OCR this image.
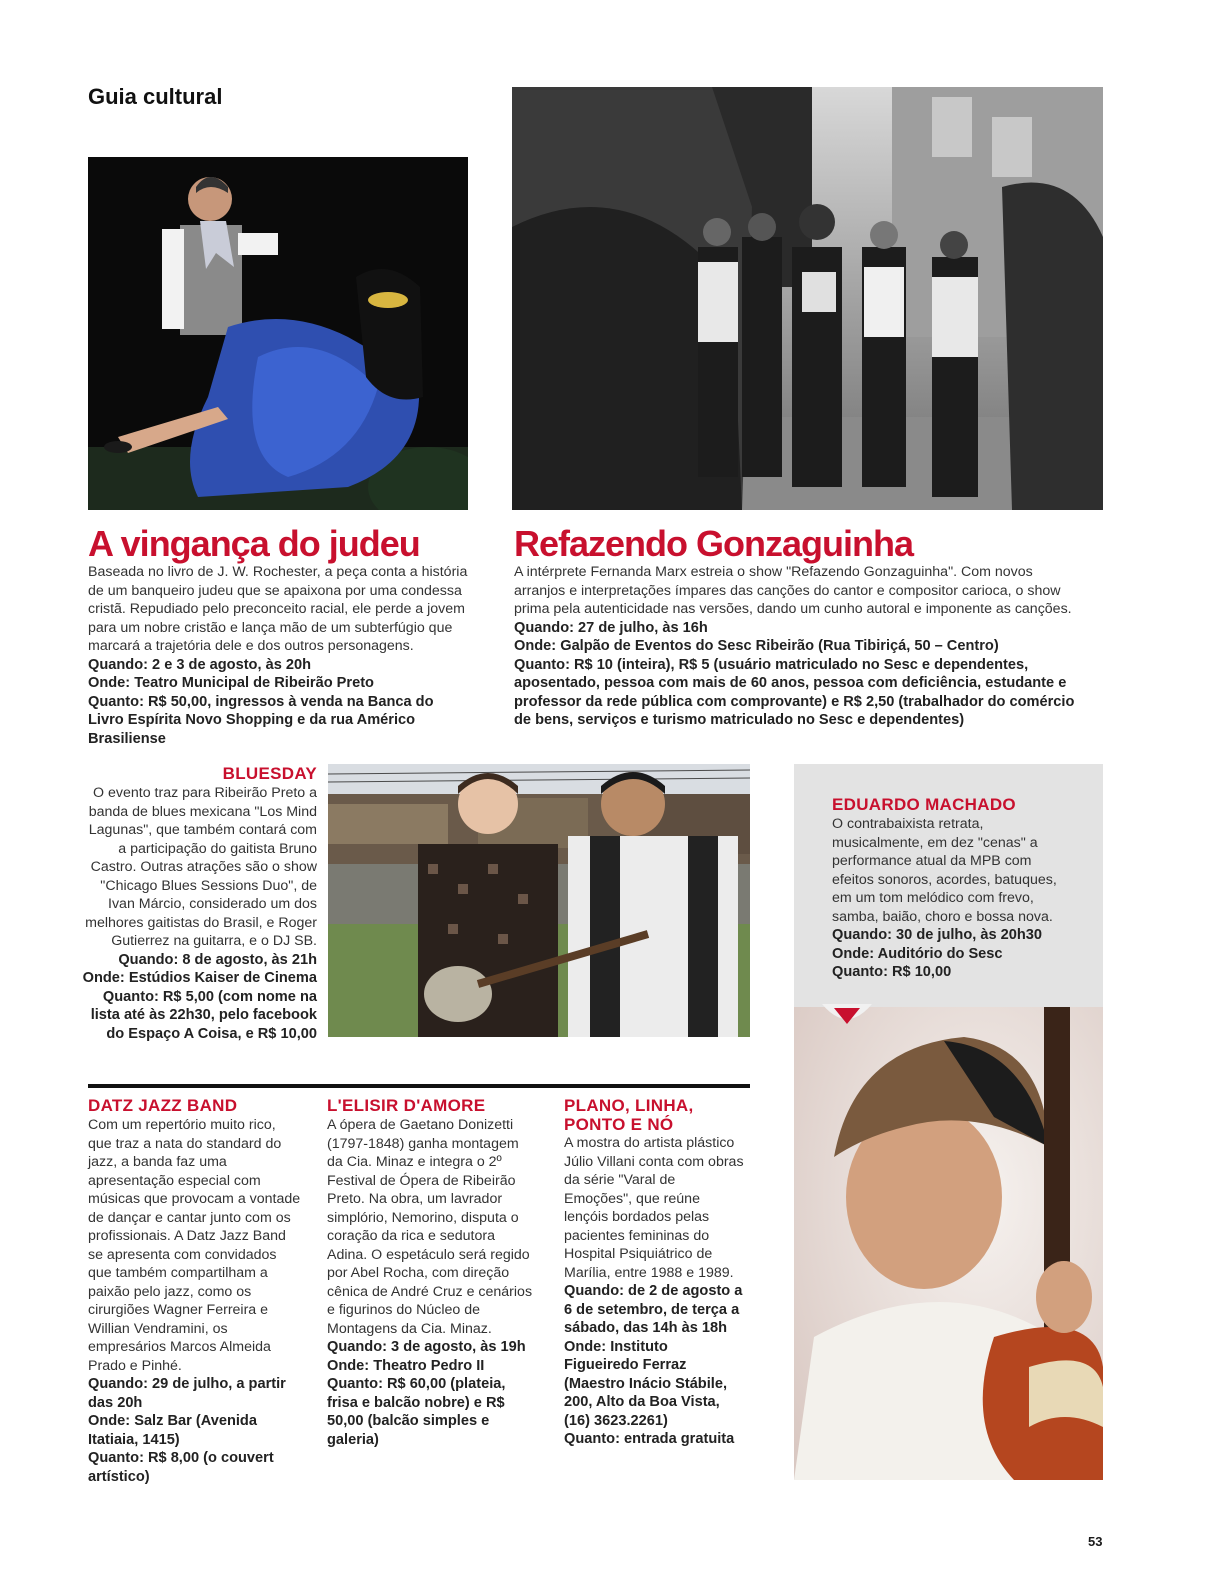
Guia cultural
A vingança do judeu

Baseada no livro de J. W. Rochester, a peça conta a história de um banqueiro judeu que se apaixona por uma condessa cristã. Repudiado pelo preconceito racial, ele perde a jovem para um nobre cristão e lança mão de um subterfúgio que marcará a trajetória dele e dos outros personagens.

Quando: 2 e 3 de agosto, às 20h
Onde: Teatro Municipal de Ribeirão Preto
Quanto: R$ 50,00, ingressos à venda na Banca do Livro Espírita Novo Shopping e da rua Américo Brasiliense
Refazendo Gonzaguinha

A intérprete Fernanda Marx estreia o show "Refazendo Gonzaguinha". Com novos arranjos e interpretações ímpares das canções do cantor e compositor carioca, o show prima pela autenticidade nas versões, dando um cunho autoral e imponente as canções.

Quando: 27 de julho, às 16h
Onde: Galpão de Eventos do Sesc Ribeirão (Rua Tibiriçá, 50 – Centro)
Quanto: R$ 10 (inteira), R$ 5 (usuário matriculado no Sesc e dependentes, aposentado, pessoa com mais de 60 anos, pessoa com deficiência, estudante e professor da rede pública com comprovante) e R$ 2,50 (trabalhador do comércio de bens, serviços e turismo matriculado no Sesc e dependentes)
BLUESDAY

O evento traz para Ribeirão Preto a banda de blues mexicana "Los Mind Lagunas", que também contará com a participação do gaitista Bruno Castro. Outras atrações são o show "Chicago Blues Sessions Duo", de Ivan Márcio, considerado um dos melhores gaitistas do Brasil, e Roger Gutierrez na guitarra, e o DJ SB.

Quando: 8 de agosto, às 21h
Onde: Estúdios Kaiser de Cinema
Quanto: R$ 5,00 (com nome na lista até às 22h30, pelo facebook do Espaço A Coisa, e R$ 10,00
EDUARDO MACHADO

O contrabaixista retrata, musicalmente, em dez "cenas" a performance atual da MPB com efeitos sonoros, acordes, batuques, em um tom melódico com frevo, samba, baião, choro e bossa nova.

Quando: 30 de julho, às 20h30
Onde: Auditório do Sesc
Quanto: R$ 10,00
DATZ JAZZ BAND

Com um repertório muito rico, que traz a nata do standard do jazz, a banda faz uma apresentação especial com músicas que provocam a vontade de dançar e cantar junto com os profissionais. A Datz Jazz Band se apresenta com convidados que também compartilham a paixão pelo jazz, como os cirurgiões Wagner Ferreira e Willian Vendramini, os empresários Marcos Almeida Prado e Pinhé.

Quando: 29 de julho, a partir das 20h
Onde: Salz Bar (Avenida Itatiaia, 1415)
Quanto: R$ 8,00 (o couvert artístico)
L'ELISIR D'AMORE

A ópera de Gaetano Donizetti (1797-1848) ganha montagem da Cia. Minaz e integra o 2º Festival de Ópera de Ribeirão Preto. Na obra, um lavrador simplório, Nemorino, disputa o coração da rica e sedutora Adina. O espetáculo será regido por Abel Rocha, com direção cênica de André Cruz e cenários e figurinos do Núcleo de Montagens da Cia. Minaz.

Quando: 3 de agosto, às 19h
Onde: Theatro Pedro II
Quanto: R$ 60,00 (plateia, frisa e balcão nobre) e R$ 50,00 (balcão simples e galeria)
PLANO, LINHA, PONTO E NÓ

A mostra do artista plástico Júlio Villani conta com obras da série "Varal de Emoções", que reúne lençóis bordados pelas pacientes femininas do Hospital Psiquiátrico de Marília, entre 1988 e 1989.

Quando: de 2 de agosto a 6 de setembro, de terça a sábado, das 14h às 18h
Onde: Instituto Figueiredo Ferraz (Maestro Inácio Stábile, 200, Alto da Boa Vista, (16) 3623.2261)
Quanto: entrada gratuita
53
